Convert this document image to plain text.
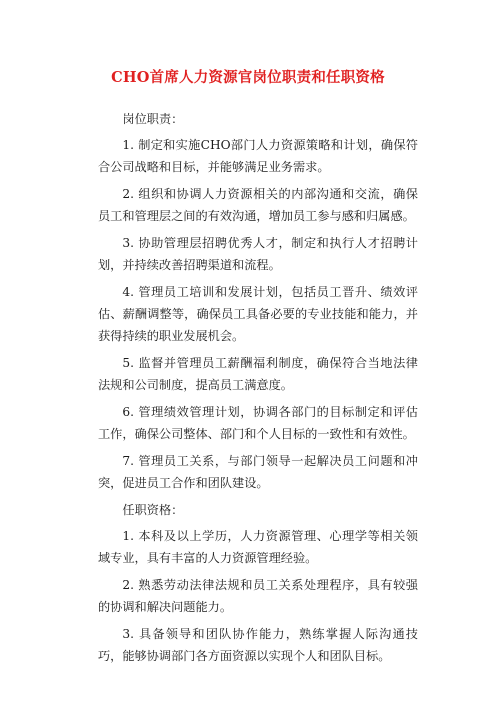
CHO首席人力资源官岗位职责和任职资格

岗位职责：

1. 制定和实施CHO部门人力资源策略和计划，确保符合公司战略和目标，并能够满足业务需求。

2. 组织和协调人力资源相关的内部沟通和交流，确保员工和管理层之间的有效沟通，增加员工参与感和归属感。

3. 协助管理层招聘优秀人才，制定和执行人才招聘计划，并持续改善招聘渠道和流程。

4. 管理员工培训和发展计划，包括员工晋升、绩效评估、薪酬调整等，确保员工具备必要的专业技能和能力，并获得持续的职业发展机会。

5. 监督并管理员工薪酬福利制度，确保符合当地法律法规和公司制度，提高员工满意度。

6. 管理绩效管理计划，协调各部门的目标制定和评估工作，确保公司整体、部门和个人目标的一致性和有效性。

7. 管理员工关系，与部门领导一起解决员工问题和冲突，促进员工合作和团队建设。

任职资格：

1. 本科及以上学历，人力资源管理、心理学等相关领域专业，具有丰富的人力资源管理经验。

2. 熟悉劳动法律法规和员工关系处理程序，具有较强的协调和解决问题能力。

3. 具备领导和团队协作能力，熟练掌握人际沟通技巧，能够协调部门各方面资源以实现个人和团队目标。
